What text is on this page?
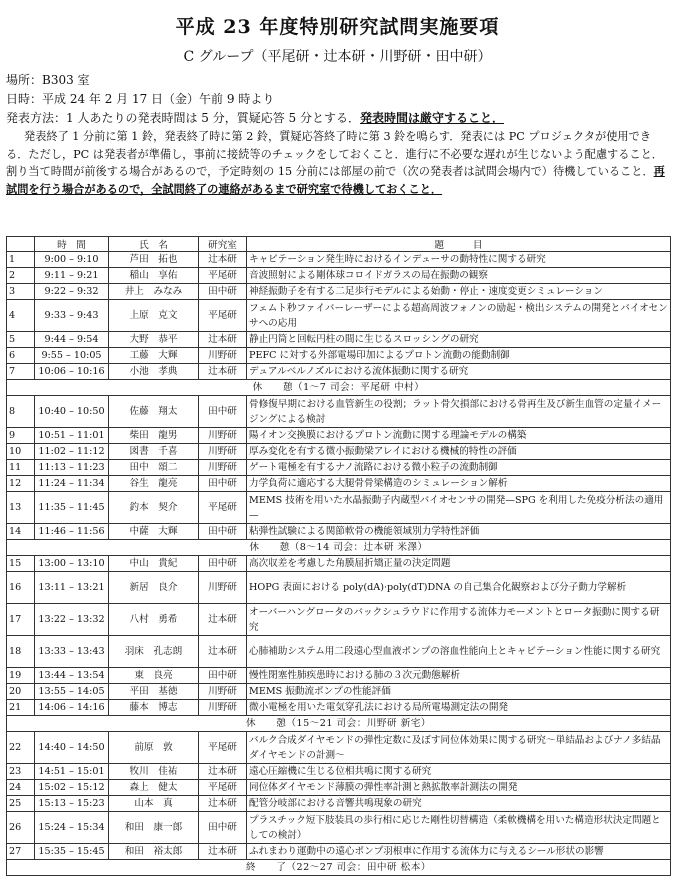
平成 23 年度特別研究試問実施要項
C グループ（平尾研・辻本研・川野研・田中研）
場所：B303 室
日時：平成 24 年 2 月 17 日（金）午前 9 時より
発表方法：1 人あたりの発表時間は 5 分，質疑応答 5 分とする．発表時間は厳守すること．
発表終了 1 分前に第 1 鈴，発表終了時に第 2 鈴，質疑応答終了時に第 3 鈴を鳴らす．発表には PC プロジェクタが使用できる．ただし，PC は発表者が準備し，事前に接続等のチェックをしておくこと．進行に不必要な遅れが生じないよう配慮すること．割り当て時間が前後する場合があるので，予定時刻の 15 分前には部屋の前で（次の発表者は試問会場内で）待機していること．再試問を行う場合があるので，全試問終了の連絡があるまで研究室で待機しておくこと．
	時　間	氏　名	研究室	題　　　目
1	9:00 – 9:10	芦田　拓也	辻本研	キャビテーション発生時におけるインデューサの動特性に関する研究
2	9:11 – 9:21	稲山　享佑	平尾研	音波照射による剛体球コロイドガラスの局在振動の観察
3	9:22 – 9:32	井上　みなみ	田中研	神経振動子を有する二足歩行モデルによる始動・停止・速度変更シミュレーション
4	9:33 – 9:43	上原　克文	平尾研	フェムト秒ファイバーレーザーによる超高周波フォノンの励起・検出システムの開発とバイオセンサへの応用
5	9:44 – 9:54	大野　恭平	辻本研	静止円筒と回転円柱の間に生じるスロッシングの研究
6	9:55 – 10:05	工藤　大輝	川野研	PEFC に対する外部電場印加によるプロトン流動の能動制御
7	10:06 – 10:16	小池　孝典	辻本研	デュアルベルノズルにおける流体振動に関する研究
休　　憩（1〜7 司会：平尾研 中村）				
8	10:40 – 10:50	佐藤　翔太	田中研	骨修復早期における血管新生の役割；ラット骨欠損部における骨再生及び新生血管の定量イメージングによる検討
9	10:51 – 11:01	柴田　龍男	川野研	陽イオン交換膜におけるプロトン流動に関する理論モデルの構築
10	11:02 – 11:12	図書　千喜	川野研	厚み変化を有する微小振動梁アレイにおける機械的特性の評価
11	11:13 – 11:23	田中　頌二	川野研	ゲート電極を有するナノ流路における微小粒子の流動制御
12	11:24 – 11:34	谷生　龍亮	田中研	力学負荷に適応する大腿骨骨梁構造のシミュレーション解析
13	11:35 – 11:45	釣本　契介	平尾研	MEMS 技術を用いた水晶振動子内蔵型バイオセンサの開発—SPG を利用した免疫分析法の適用—
14	11:46 – 11:56	中薩　大輝	田中研	粘弾性試験による関節軟骨の機能領域別力学特性評価
休　　憩（8〜14 司会：辻本研 米澤）				
15	13:00 – 13:10	中山　貴紀	田中研	高次収差を考慮した角膜屈折矯正量の決定問題
16	13:11 – 13:21	新居　良介	川野研	HOPG 表面における poly(dA)·poly(dT)DNA の自己集合化観察および分子動力学解析
17	13:22 – 13:32	八村　勇希	辻本研	オーバーハングロータのバックシュラウドに作用する流体力モーメントとロータ振動に関する研究
18	13:33 – 13:43	羽床　孔志朗	辻本研	心肺補助システム用二段遠心型血液ポンプの溶血性能向上とキャビテーション性能に関する研究
19	13:44 – 13:54	東　良亮	田中研	慢性閉塞性肺疾患時における肺の３次元動態解析
20	13:55 – 14:05	平田　基徳	川野研	MEMS 振動流ポンプの性能評価
21	14:06 – 14:16	藤本　博志	川野研	微小電極を用いた電気穿孔法における局所電場測定法の開発
休　　憩（15〜21 司会：川野研 新宅）				
22	14:40 – 14:50	前原　敦	平尾研	バルク合成ダイヤモンドの弾性定数に及ぼす同位体効果に関する研究〜単結晶およびナノ多結晶ダイヤモンドの計測〜
23	14:51 – 15:01	牧川　佳祐	辻本研	遠心圧縮機に生じる位相共鳴に関する研究
24	15:02 – 15:12	森上　健太	平尾研	同位体ダイヤモンド薄膜の弾性率計測と熱拡散率計測法の開発
25	15:13 – 15:23	山本　真	辻本研	配管分岐部における音響共鳴現象の研究
26	15:24 – 15:34	和田　康一郎	田中研	プラスチック短下肢装具の歩行相に応じた剛性切替構造（柔軟機構を用いた構造形状決定問題としての検討）
27	15:35 – 15:45	和田　裕太郎	辻本研	ふれまわり運動中の遠心ポンプ羽根車に作用する流体力に与えるシール形状の影響
終　　了（22〜27 司会：田中研 松本）				
